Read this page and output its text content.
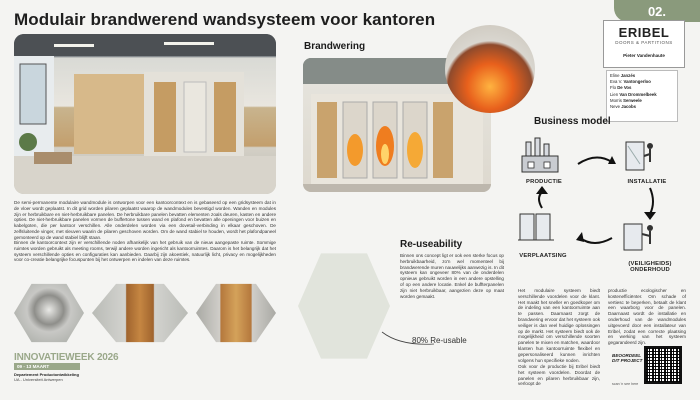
Modulair brandwerend wandsysteem voor kantoren	02.
Brandwering
ERIBEL
DOORS & PARTITIONS
Pieter Vandenhaute
Eline Janzés
Eva V. Vantongerloo
Flo De Vos
Lien Van Drommelbeek
Morris Serweele
Neve Jacobs
De semi-permanente modulaire wandmodule is ontworpen voor een kantoorcontext en is gebaseerd op een gridsysteem dat in de vloer wordt geplaatst. In dit grid worden pilaren geplaatst waarop de wandmodules bevestigd worden. Wanden en modules zijn er herbruikbare en niet-herbruikbare panelen. De herbruikbare panelen bevatten elementen zoals deuren, kasten en andere opties. De niet-herbruikbare panelen vormen de buffertone tussen wand en plafond en bevatten alle openingen voor buizen en kabelgoten, die per kantoor verschillen. Alle onderdelen worden via een dovetail-verbinding in elkaar geschoven. De zelfsluitende vinger, met sleuven waarin de pilaren geschoven worden. Om de wand stabiel te houden, wordt het plafondpaneel gemonteerd op de wand stabiel blijft staan.
Binnen de kantoorcontext zijn er verschillende noden afhankelijk van het gebruik van de nieuw aangepaste ruimte. Sommige ruimtes worden gebruikt als meeting rooms, terwijl andere worden ingericht als kantoorruimtes. Daarom is het belangrijk dat het systeem verschillende opties en configuraties kan aanbieden. Daarbij zijn akoestiek, natuurlijk licht, privacy en mogelijkheden voor co-creatie belangrijke focuspunten bij het ontwerpen en indelen van deze ruimtes.
INNOVATIEWEEK 2026
09 - 13 MAART
Departement Productontwikkeling
UA - Universiteit Antwerpen
Re-useability
Binnen ons concept ligt er ook een sterke focus op herbruikbaarheid, zo'n wel momenteel bij brandwerende muren nauwelijks aanwezig is. In dit systeem kan ongeveer 80% van de onderdelen opnieuw gebruikt worden in een andere opstelling of op een andere locatie. Enkel de buffterpanelen zijn niet herbruikbaar, aangezien deze op maat worden gemaakt.
80% Re-usable
Business model
PRODUCTIE	INSTALLATIE
(VEILIGHEIDS) ONDERHOUD
VERPLAATSING
Het modulaire systeem biedt verschillende voordelen voor de klant. Het maakt het sneller en goedkoper om de indeling van een kantoorruimte aan te passen. Daarnaast zorgt de brandwering ervoor dat het systeem ook veiliger is dan veel huidige oplossingen op de markt. Het systeem biedt ook de mogelijkheid om verschillende soorten panelen te mixen en matchen, waardoor klanten hun kantoorruimte flexibel en gepersonaliseerd kunnen inrichten volgens hun specifieke noden.
Ook voor de productie bij Eribel biedt het systeem voordelen. Doordat de panelen en pilaren herbruikbaar zijn, verloopt de
productie ecologischer en kostenefficiënter. Om schade of vertiesc te beperken, betaalt de klant een waarborg voor de panelen. Daarnaast wordt de installatie en onderhoud van de wandmodules uitgevoerd door een installateur van Eribel, zodat een correcte plaatsing en werking van het systeem gegarandeerd zijn.
BEOORDEEL
DIT PROJECT
scan 'n see here
